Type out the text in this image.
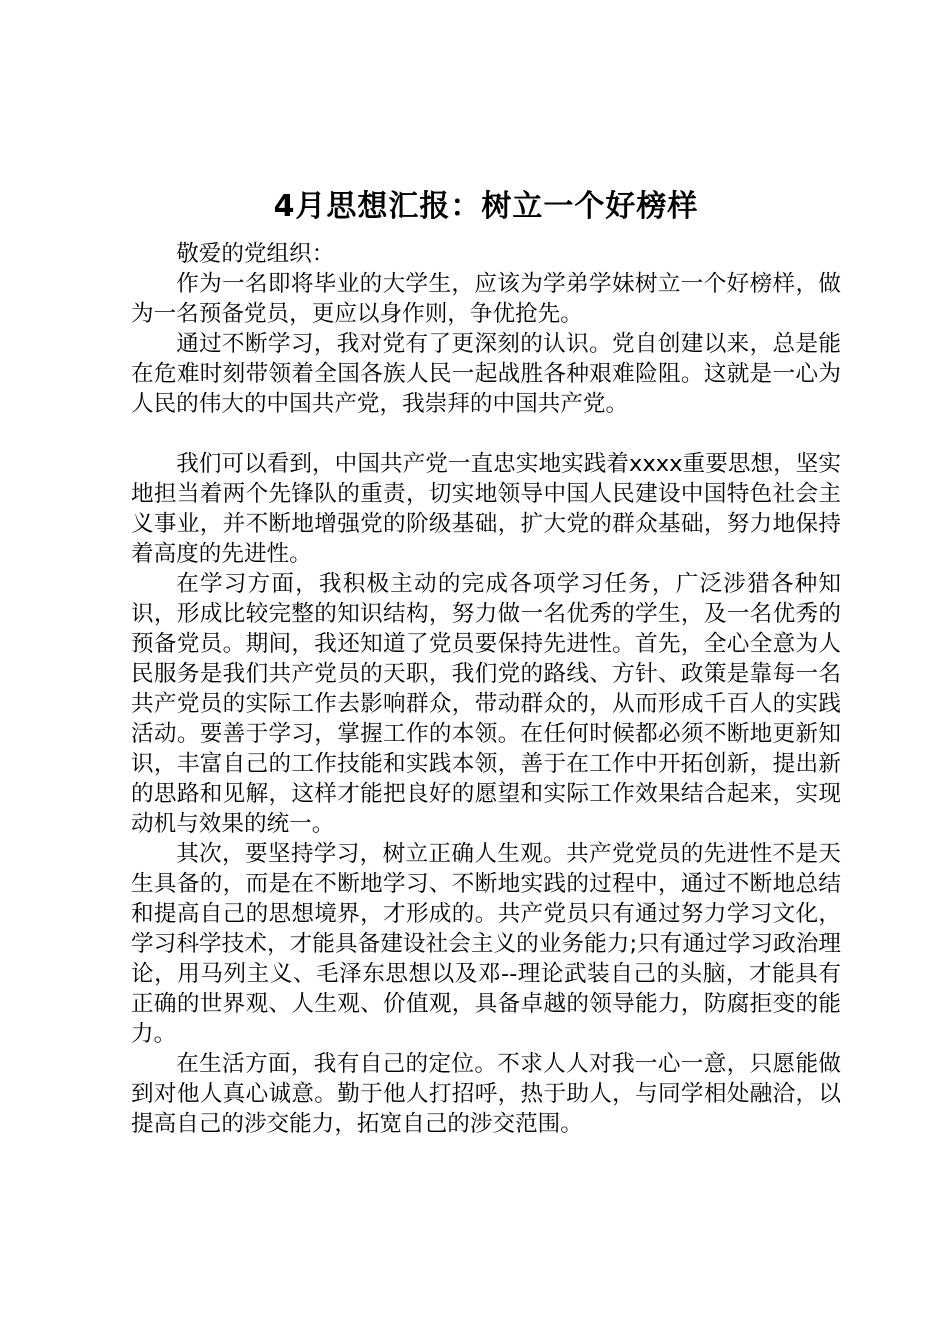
4月思想汇报：树立一个好榜样

敬爱的党组织：

作为一名即将毕业的大学生，应该为学弟学妹树立一个好榜样，做为一名预备党员，更应以身作则，争优抢先。

通过不断学习，我对党有了更深刻的认识。党自创建以来，总是能在危难时刻带领着全国各族人民一起战胜各种艰难险阻。这就是一心为人民的伟大的中国共产党，我崇拜的中国共产党。

我们可以看到，中国共产党一直忠实地实践着xxxx重要思想，坚实地担当着两个先锋队的重责，切实地领导中国人民建设中国特色社会主义事业，并不断地增强党的阶级基础，扩大党的群众基础，努力地保持着高度的先进性。

在学习方面，我积极主动的完成各项学习任务，广泛涉猎各种知识，形成比较完整的知识结构，努力做一名优秀的学生，及一名优秀的预备党员。期间，我还知道了党员要保持先进性。首先，全心全意为人民服务是我们共产党员的天职，我们党的路线、方针、政策是靠每一名共产党员的实际工作去影响群众，带动群众的，从而形成千百人的实践活动。要善于学习，掌握工作的本领。在任何时候都必须不断地更新知识，丰富自己的工作技能和实践本领，善于在工作中开拓创新，提出新的思路和见解，这样才能把良好的愿望和实际工作效果结合起来，实现动机与效果的统一。

其次，要坚持学习，树立正确人生观。共产党党员的先进性不是天生具备的，而是在不断地学习、不断地实践的过程中，通过不断地总结和提高自己的思想境界，才形成的。共产党员只有通过努力学习文化，学习科学技术，才能具备建设社会主义的业务能力;只有通过学习政治理论，用马列主义、毛泽东思想以及邓--理论武装自己的头脑，才能具有正确的世界观、人生观、价值观，具备卓越的领导能力，防腐拒变的能力。

在生活方面，我有自己的定位。不求人人对我一心一意，只愿能做到对他人真心诚意。勤于他人打招呼，热于助人，与同学相处融洽，以提高自己的涉交能力，拓宽自己的涉交范围。
